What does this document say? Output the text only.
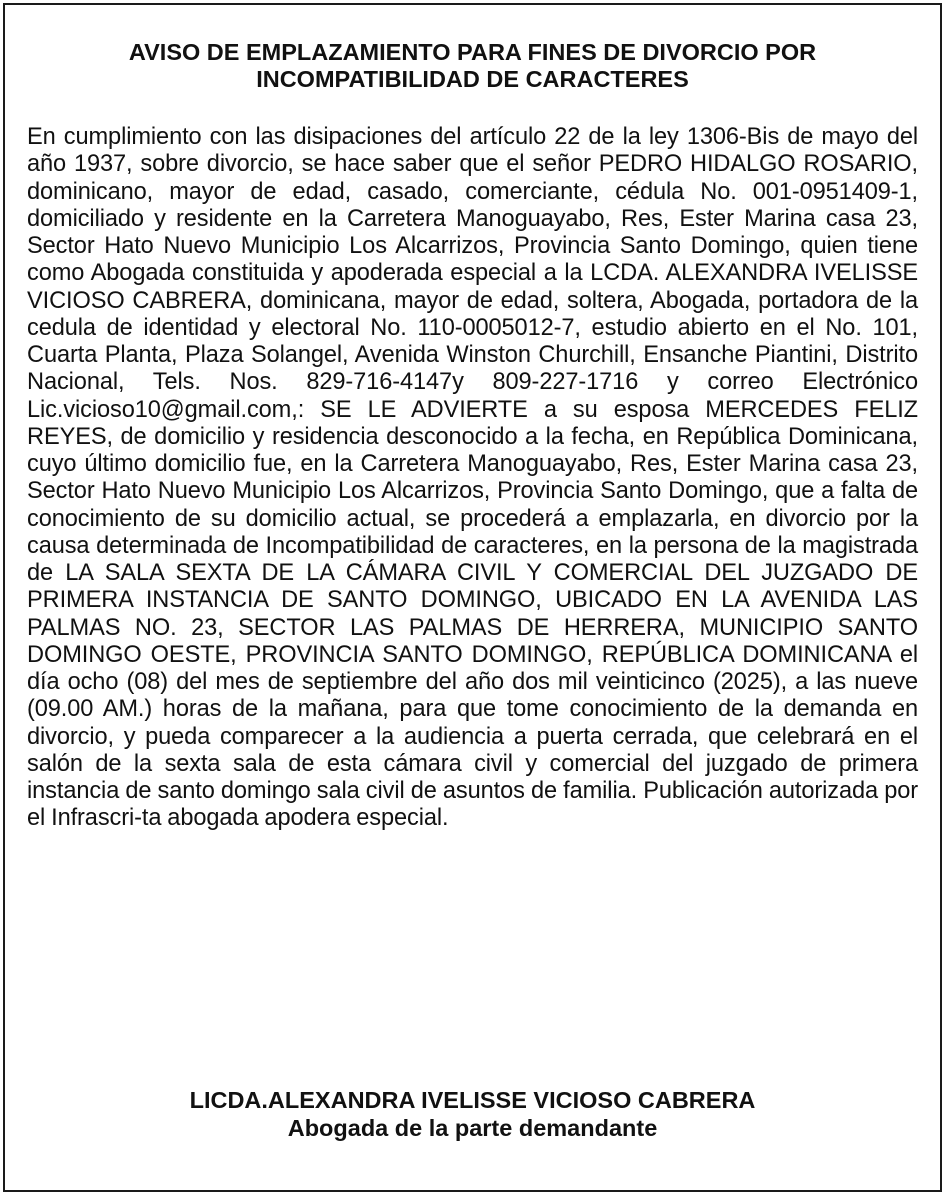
AVISO DE EMPLAZAMIENTO PARA FINES DE DIVORCIO POR
INCOMPATIBILIDAD DE CARACTERES

En cumplimiento con las disipaciones del artículo 22 de la ley 1306-Bis de mayo del año 1937, sobre divorcio, se hace saber que el señor PEDRO HIDALGO ROSARIO, dominicano, mayor de edad, casado, comerciante, cédula No. 001-0951409-1, domiciliado y residente en la Carretera Manoguayabo, Res, Ester Marina casa 23, Sector Hato Nuevo Municipio Los Alcarrizos, Provincia Santo Domingo, quien tiene como Abogada constituida y apoderada especial a la LCDA. ALEXANDRA IVELISSE VICIOSO CABRERA, dominicana, mayor de edad, soltera, Abogada, portadora de la cedula de identidad y electoral No. 110-0005012-7, estudio abierto en el No. 101, Cuarta Planta, Plaza Solangel, Avenida Winston Churchill, Ensanche Piantini, Distrito Nacional, Tels. Nos. 829-716-4147y 809-227-1716 y correo Electrónico Lic.vicioso10@gmail.com,: SE LE ADVIERTE a su esposa MERCEDES FELIZ REYES, de domicilio y residencia desconocido a la fecha, en República Dominicana, cuyo último domicilio fue, en la Carretera Manoguayabo, Res, Ester Marina casa 23, Sector Hato Nuevo Municipio Los Alcarrizos, Provincia Santo Domingo, que a falta de conocimiento de su domicilio actual, se procederá a emplazarla, en divorcio por la causa determinada de Incompatibilidad de caracteres, en la persona de la magistrada de LA SALA SEXTA DE LA CÁMARA CIVIL Y COMERCIAL DEL JUZGADO DE PRIMERA INSTANCIA DE SANTO DOMINGO, UBICADO EN LA AVENIDA LAS PALMAS NO. 23, SECTOR LAS PALMAS DE HERRERA, MUNICIPIO SANTO DOMINGO OESTE, PROVINCIA SANTO DOMINGO, REPÚBLICA DOMINICANA el día ocho (08) del mes de septiembre del año dos mil veinticinco (2025), a las nueve (09.00 AM.) horas de la mañana, para que tome conocimiento de la demanda en divorcio, y pueda comparecer a la audiencia a puerta cerrada, que celebrará en el salón de la sexta sala de esta cámara civil y comercial del juzgado de primera instancia de santo domingo sala civil de asuntos de familia. Publicación autorizada por el Infrascri-ta abogada apodera especial.

LICDA.ALEXANDRA IVELISSE VICIOSO CABRERA
Abogada de la parte demandante
